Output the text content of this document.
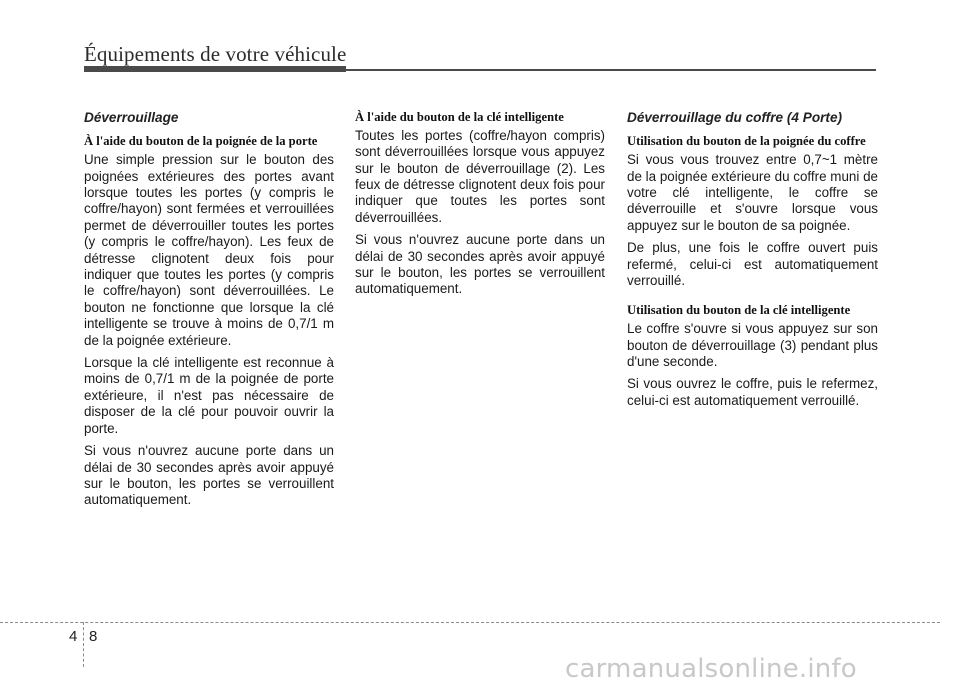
Équipements de votre véhicule
Déverrouillage
À l'aide du bouton de la poignée de la porte

Une simple pression sur le bouton des poignées extérieures des portes avant lorsque toutes les portes (y compris le coffre/hayon) sont fermées et verrouillées permet de déverrouiller toutes les portes (y compris le coffre/hayon). Les feux de détresse clignotent deux fois pour indiquer que toutes les portes (y compris le coffre/hayon) sont déverrouillées. Le bouton ne fonctionne que lorsque la clé intelligente se trouve à moins de 0,7/1 m de la poignée extérieure.

Lorsque la clé intelligente est reconnue à moins de 0,7/1 m de la poignée de porte extérieure, il n'est pas nécessaire de disposer de la clé pour pouvoir ouvrir la porte.

Si vous n'ouvrez aucune porte dans un délai de 30 secondes après avoir appuyé sur le bouton, les portes se verrouillent automatiquement.

À l'aide du bouton de la clé intelligente

Toutes les portes (coffre/hayon compris) sont déverrouillées lorsque vous appuyez sur le bouton de déverrouillage (2). Les feux de détresse clignotent deux fois pour indiquer que toutes les portes sont déverrouillées.

Si vous n'ouvrez aucune porte dans un délai de 30 secondes après avoir appuyé sur le bouton, les portes se verrouillent automatiquement.

Déverrouillage du coffre (4 Porte)
Utilisation du bouton de la poignée du coffre

Si vous vous trouvez entre 0,7~1 mètre de la poignée extérieure du coffre muni de votre clé intelligente, le coffre se déverrouille et s'ouvre lorsque vous appuyez sur le bouton de sa poignée.

De plus, une fois le coffre ouvert puis refermé, celui-ci est automatiquement verrouillé.

Utilisation du bouton de la clé intelligente

Le coffre s'ouvre si vous appuyez sur son bouton de déverrouillage (3) pendant plus d'une seconde.

Si vous ouvrez le coffre, puis le refermez, celui-ci est automatiquement verrouillé.

4 8
carmanualsonline.info
